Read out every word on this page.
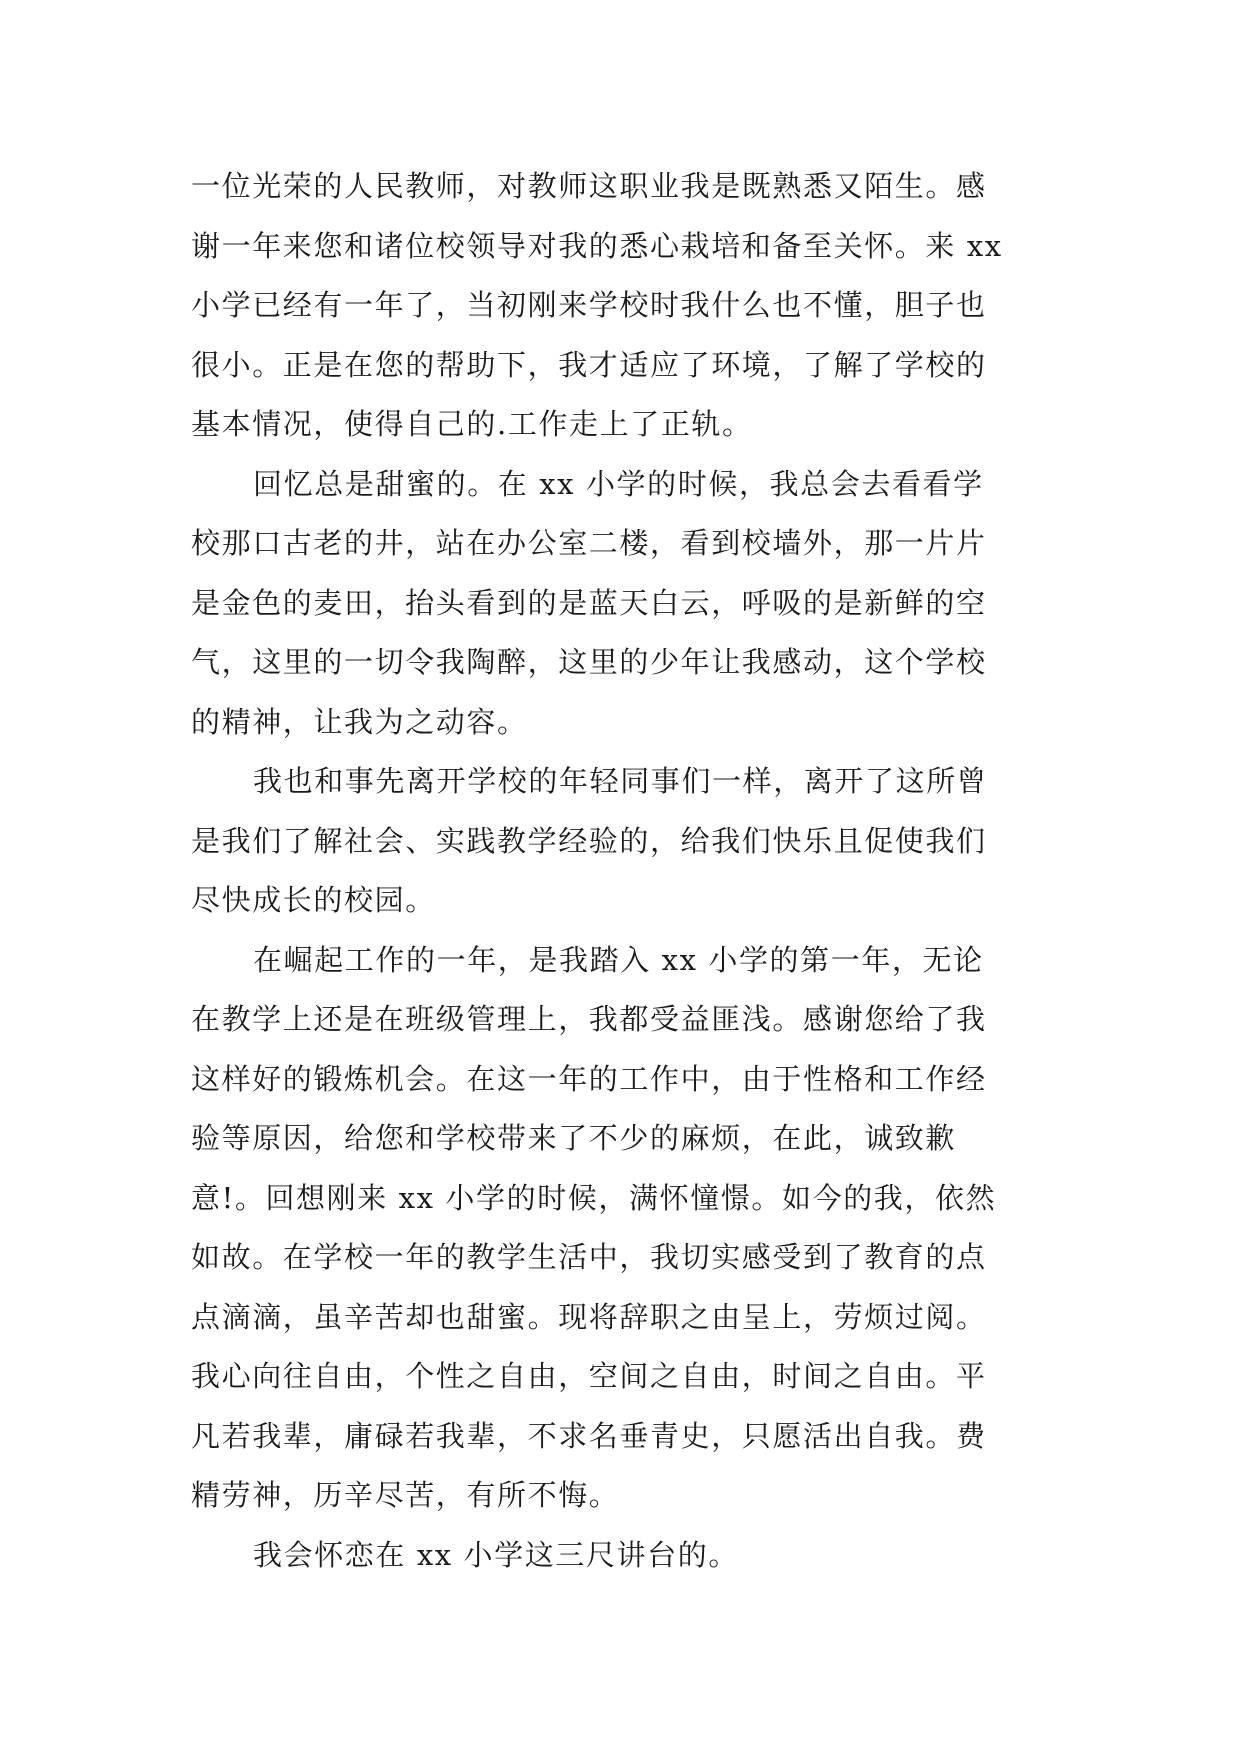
一位光荣的人民教师，对教师这职业我是既熟悉又陌生。感
谢一年来您和诸位校领导对我的悉心栽培和备至关怀。来 xx
小学已经有一年了，当初刚来学校时我什么也不懂，胆子也
很小。正是在您的帮助下，我才适应了环境，了解了学校的
基本情况，使得自己的.工作走上了正轨。
回忆总是甜蜜的。在 xx 小学的时候，我总会去看看学
校那口古老的井，站在办公室二楼，看到校墙外，那一片片
是金色的麦田，抬头看到的是蓝天白云，呼吸的是新鲜的空
气，这里的一切令我陶醉，这里的少年让我感动，这个学校
的精神，让我为之动容。
我也和事先离开学校的年轻同事们一样，离开了这所曾
是我们了解社会、实践教学经验的，给我们快乐且促使我们
尽快成长的校园。
在崛起工作的一年，是我踏入 xx 小学的第一年，无论
在教学上还是在班级管理上，我都受益匪浅。感谢您给了我
这样好的锻炼机会。在这一年的工作中，由于性格和工作经
验等原因，给您和学校带来了不少的麻烦，在此，诚致歉
意!。回想刚来 xx 小学的时候，满怀憧憬。如今的我，依然
如故。在学校一年的教学生活中，我切实感受到了教育的点
点滴滴，虽辛苦却也甜蜜。现将辞职之由呈上，劳烦过阅。
我心向往自由，个性之自由，空间之自由，时间之自由。平
凡若我辈，庸碌若我辈，不求名垂青史，只愿活出自我。费
精劳神，历辛尽苦，有所不悔。
我会怀恋在 xx 小学这三尺讲台的。
